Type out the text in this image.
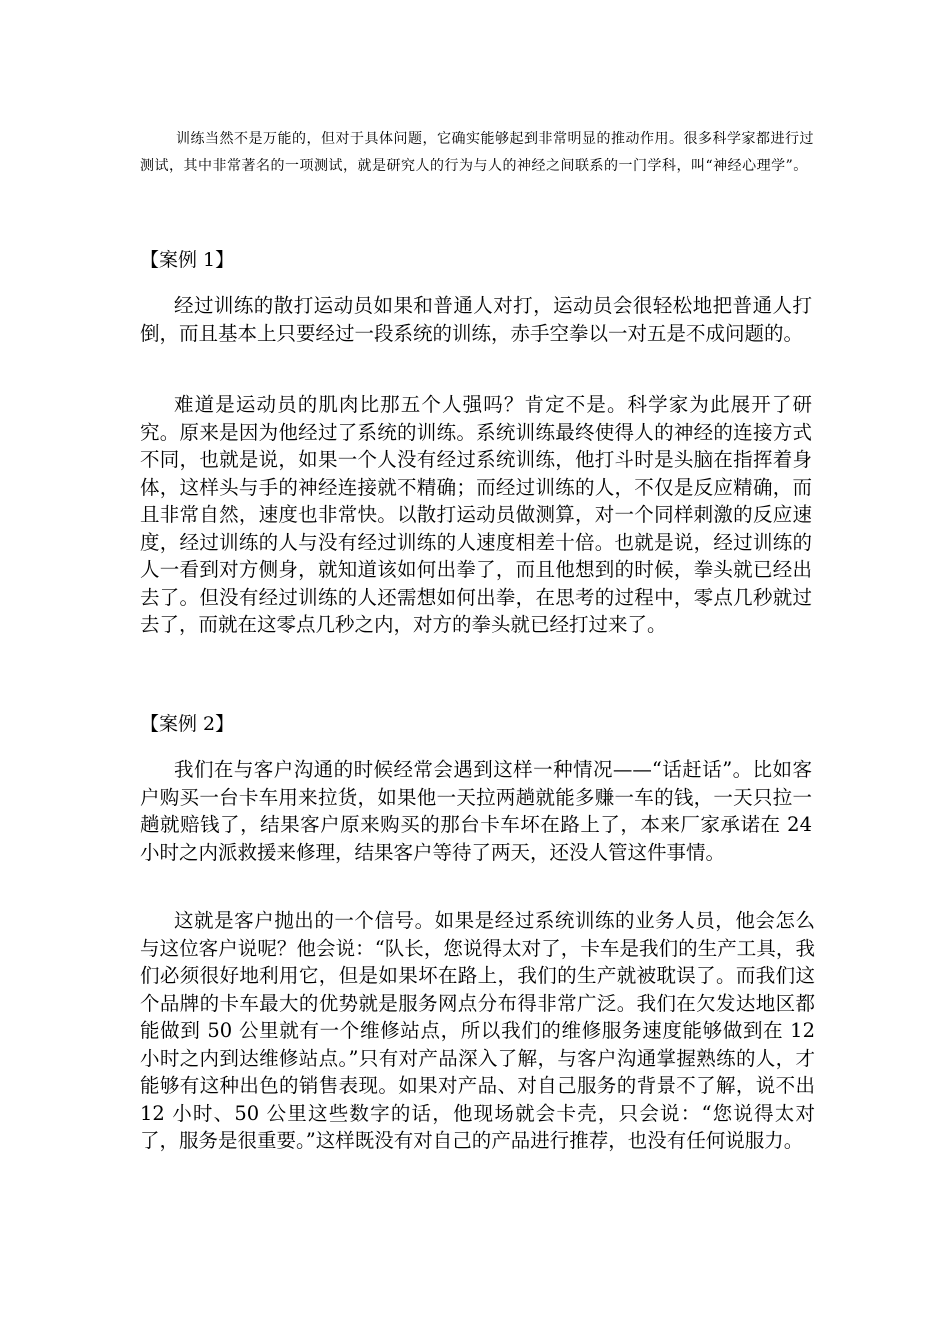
训练当然不是万能的，但对于具体问题，它确实能够起到非常明显的推动作用。很多科学家都进行过测试，其中非常著名的一项测试，就是研究人的行为与人的神经之间联系的一门学科，叫“神经心理学”。

【案例 1】

经过训练的散打运动员如果和普通人对打，运动员会很轻松地把普通人打倒，而且基本上只要经过一段系统的训练，赤手空拳以一对五是不成问题的。

难道是运动员的肌肉比那五个人强吗？肯定不是。科学家为此展开了研究。原来是因为他经过了系统的训练。系统训练最终使得人的神经的连接方式不同，也就是说，如果一个人没有经过系统训练，他打斗时是头脑在指挥着身体，这样头与手的神经连接就不精确；而经过训练的人，不仅是反应精确，而且非常自然，速度也非常快。以散打运动员做测算，对一个同样刺激的反应速度，经过训练的人与没有经过训练的人速度相差十倍。也就是说，经过训练的人一看到对方侧身，就知道该如何出拳了，而且他想到的时候，拳头就已经出去了。但没有经过训练的人还需想如何出拳，在思考的过程中，零点几秒就过去了，而就在这零点几秒之内，对方的拳头就已经打过来了。

【案例 2】

我们在与客户沟通的时候经常会遇到这样一种情况——“话赶话”。比如客户购买一台卡车用来拉货，如果他一天拉两趟就能多赚一车的钱，一天只拉一趟就赔钱了，结果客户原来购买的那台卡车坏在路上了，本来厂家承诺在 24 小时之内派救援来修理，结果客户等待了两天，还没人管这件事情。

这就是客户抛出的一个信号。如果是经过系统训练的业务人员，他会怎么与这位客户说呢？他会说：“队长，您说得太对了，卡车是我们的生产工具，我们必须很好地利用它，但是如果坏在路上，我们的生产就被耽误了。而我们这个品牌的卡车最大的优势就是服务网点分布得非常广泛。我们在欠发达地区都能做到 50 公里就有一个维修站点，所以我们的维修服务速度能够做到在 12 小时之内到达维修站点。”只有对产品深入了解，与客户沟通掌握熟练的人，才能够有这种出色的销售表现。如果对产品、对自己服务的背景不了解，说不出 12 小时、50 公里这些数字的话，他现场就会卡壳，只会说：“您说得太对了，服务是很重要。”这样既没有对自己的产品进行推荐，也没有任何说服力。
